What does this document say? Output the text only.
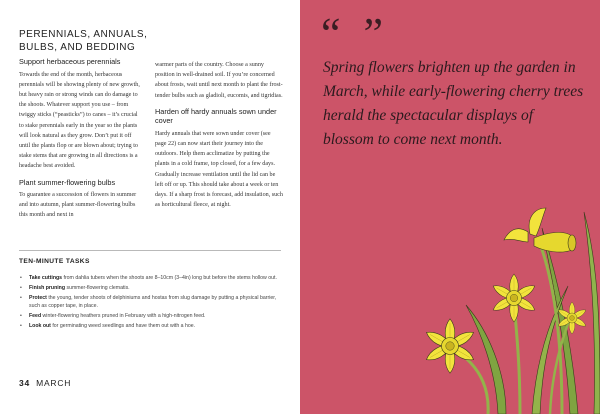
PERENNIALS, ANNUALS, BULBS, AND BEDDING
Support herbaceous perennials

Towards the end of the month, herbaceous perennials will be showing plenty of new growth, but heavy rain or strong winds can do damage to the shoots. Whatever support you use – from twiggy sticks (“peasticks”) to canes – it’s crucial to stake perennials early in the year so the plants will look natural as they grow. Don’t put it off until the plants flop or are blown about; trying to stake stems that are growing in all directions is a headache best avoided.

Plant summer-flowering bulbs

To guarantee a succession of flowers in summer and into autumn, plant summer-flowering bulbs this month and next in

warmer parts of the country. Choose a sunny position in well-drained soil. If you’re concerned about frosts, wait until next month to plant the frost-tender bulbs such as gladioli, eucomis, and tigridias.

Harden off hardy annuals sown under cover

Hardy annuals that were sown under cover (see page 22) can now start their journey into the outdoors. Help them acclimatize by putting the plants in a cold frame, top closed, for a few days. Gradually increase ventilation until the lid can be left off or up. This should take about a week or ten days. If a sharp frost is forecast, add insulation, such as horticultural fleece, at night.

TEN-MINUTE TASKS
• Take cuttings from dahlia tubers when the shoots are 8–10cm (3–4in) long but before the stems hollow out.
• Finish pruning summer-flowering clematis.
• Protect the young, tender shoots of delphiniums and hostas from slug damage by putting a physical barrier, such as copper tape, in place.
• Feed winter-flowering heathers pruned in February with a high-nitrogen feed.
• Look out for germinating weed seedlings and have them out with a hoe.
34 MARCH
“ ”

Spring flowers brighten up the garden in March, while early-flowering cherry trees herald the spectacular displays of blossom to come next month.
